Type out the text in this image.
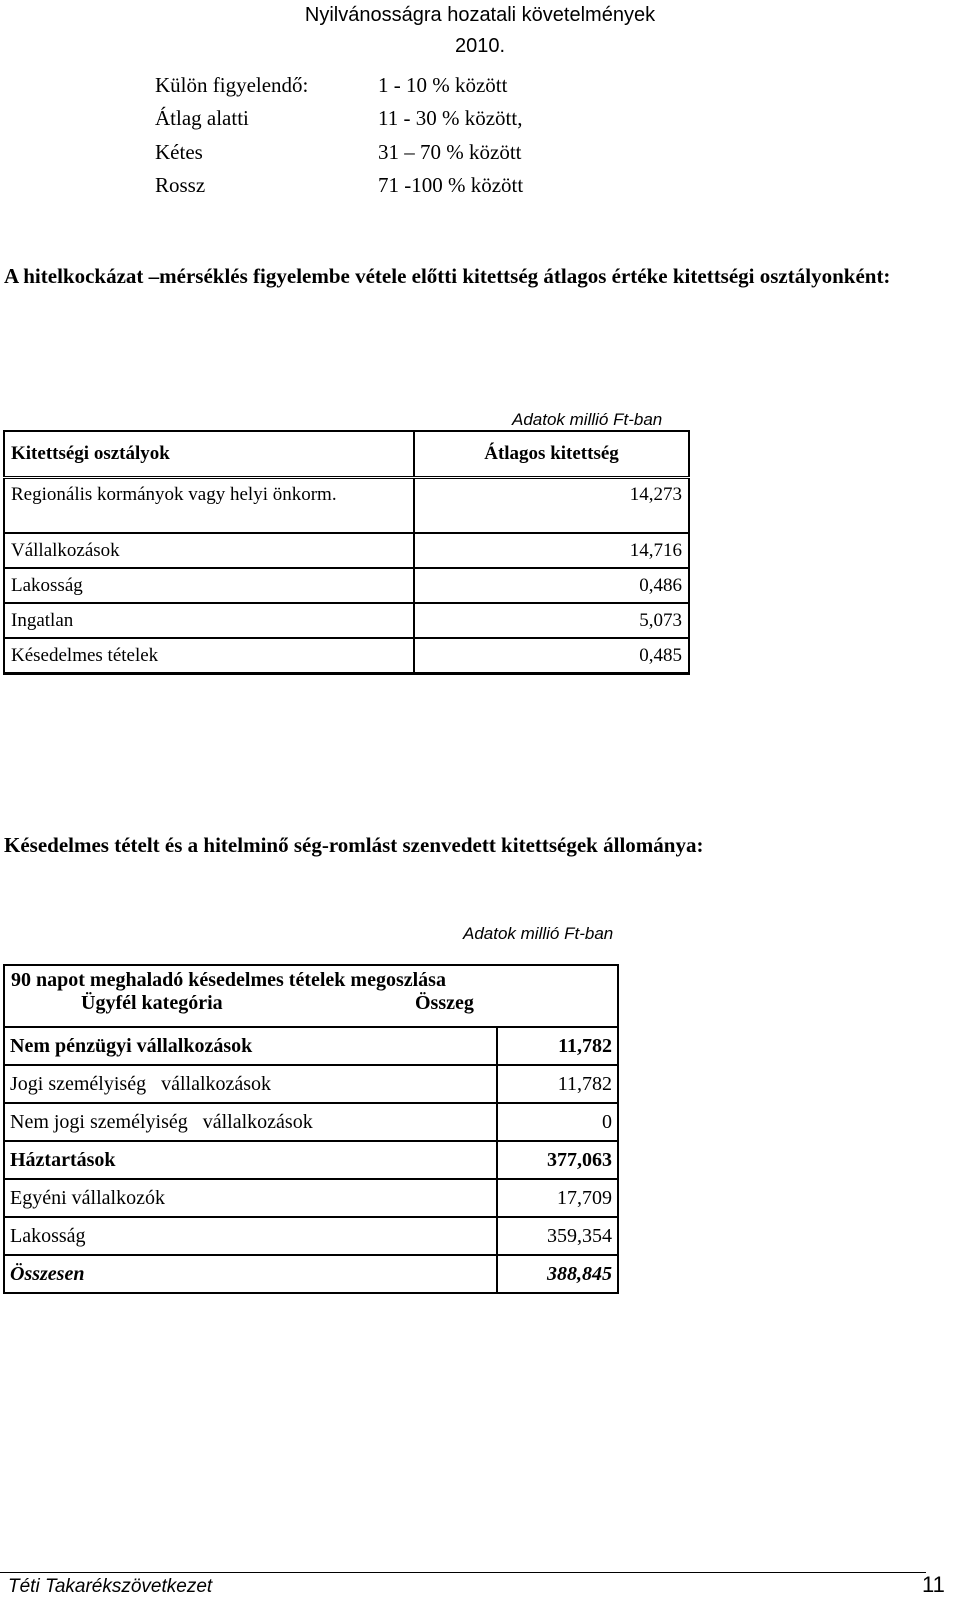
Nyilvánosságra hozatali követelmények
2010.
Külön figyelendő:	1 - 10 % között
Átlag alatti	11 - 30 % között,
Kétes	31 – 70 % között
Rossz	71 -100 % között
A hitelkockázat –mérséklés figyelembe vétele előtti kitettség átlagos értéke kitettségi osztályonként:
Adatok millió Ft-ban
Kitettségi osztályok	Átlagos kitettség
Regionális kormányok vagy helyi önkorm.	14,273
Vállalkozások	14,716
Lakosság	0,486
Ingatlan	5,073
Késedelmes tételek	0,485
Késedelmes tételt és a hitelminő ség-romlást szenvedett kitettségek állománya:
Adatok millió Ft-ban
90 napot meghaladó késedelmes tételek megoszlása
Ügyfél kategória Összeg	

Nem pénzügyi vállalkozások	11,782
Jogi személyiség   vállalkozások	11,782
Nem jogi személyiség   vállalkozások	0
Háztartások	377,063
Egyéni vállalkozók	17,709
Lakosság	359,354
Összesen	388,845
Téti Takarékszövetkezet	11
